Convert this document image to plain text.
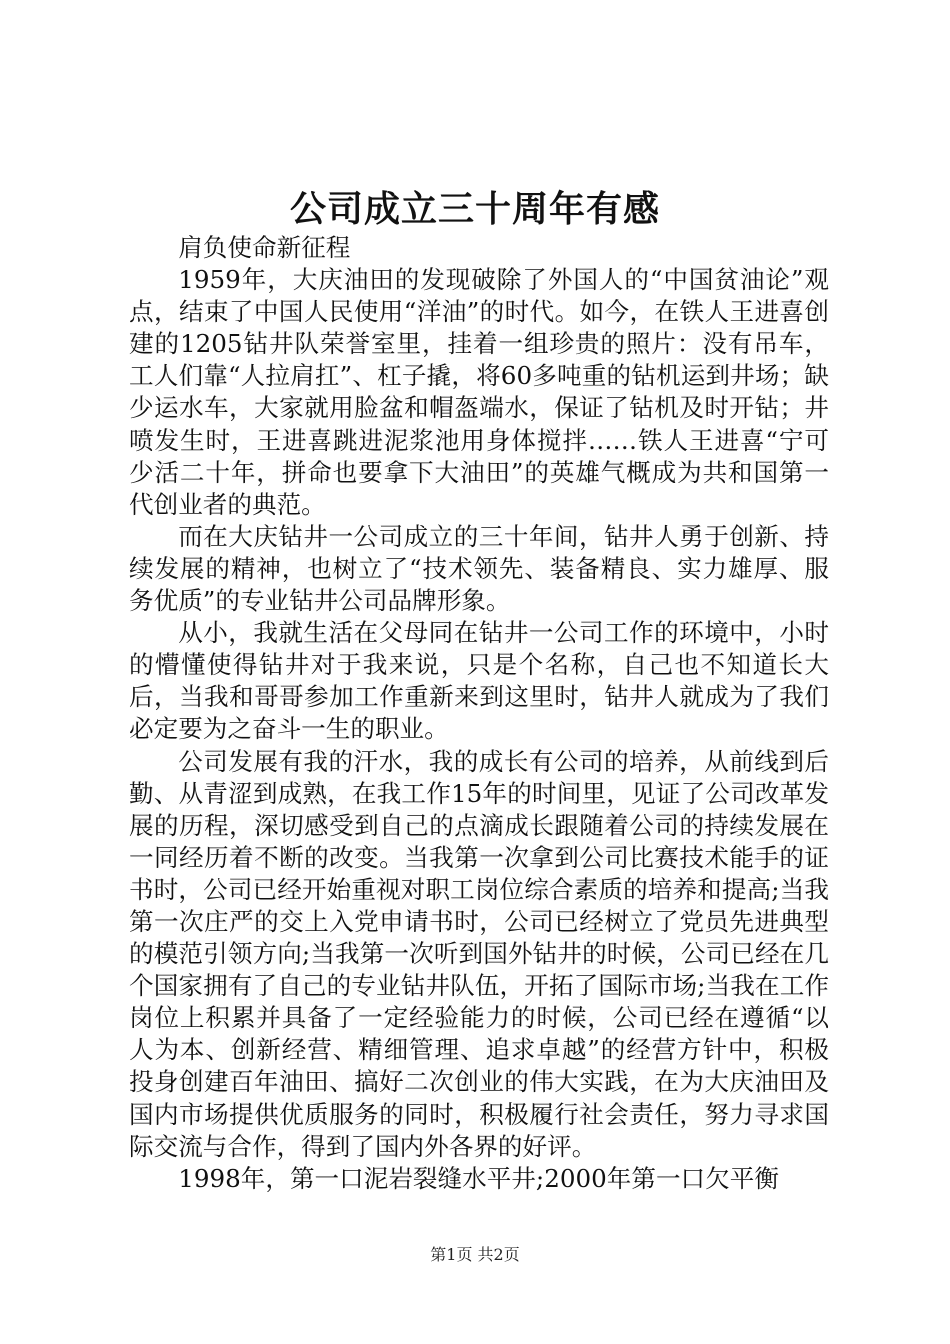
公司成立三十周年有感

肩负使命新征程

1959年，大庆油田的发现破除了外国人的“中国贫油论”观点，结束了中国人民使用“洋油”的时代。如今，在铁人王进喜创建的1205钻井队荣誉室里，挂着一组珍贵的照片：没有吊车，工人们靠“人拉肩扛”、杠子撬，将60多吨重的钻机运到井场；缺少运水车，大家就用脸盆和帽盔端水，保证了钻机及时开钻；井喷发生时，王进喜跳进泥浆池用身体搅拌……铁人王进喜“宁可少活二十年，拼命也要拿下大油田”的英雄气概成为共和国第一代创业者的典范。

而在大庆钻井一公司成立的三十年间，钻井人勇于创新、持续发展的精神，也树立了“技术领先、装备精良、实力雄厚、服务优质”的专业钻井公司品牌形象。

从小，我就生活在父母同在钻井一公司工作的环境中，小时的懵懂使得钻井对于我来说，只是个名称，自己也不知道长大后，当我和哥哥参加工作重新来到这里时，钻井人就成为了我们必定要为之奋斗一生的职业。

公司发展有我的汗水，我的成长有公司的培养，从前线到后勤、从青涩到成熟，在我工作15年的时间里，见证了公司改革发展的历程，深切感受到自己的点滴成长跟随着公司的持续发展在一同经历着不断的改变。当我第一次拿到公司比赛技术能手的证书时，公司已经开始重视对职工岗位综合素质的培养和提高;当我第一次庄严的交上入党申请书时，公司已经树立了党员先进典型的模范引领方向;当我第一次听到国外钻井的时候，公司已经在几个国家拥有了自己的专业钻井队伍，开拓了国际市场;当我在工作岗位上积累并具备了一定经验能力的时候，公司已经在遵循“以人为本、创新经营、精细管理、追求卓越”的经营方针中，积极投身创建百年油田、搞好二次创业的伟大实践，在为大庆油田及国内市场提供优质服务的同时，积极履行社会责任，努力寻求国际交流与合作，得到了国内外各界的好评。

1998年，第一口泥岩裂缝水平井;2000年第一口欠平衡

第1页 共2页
